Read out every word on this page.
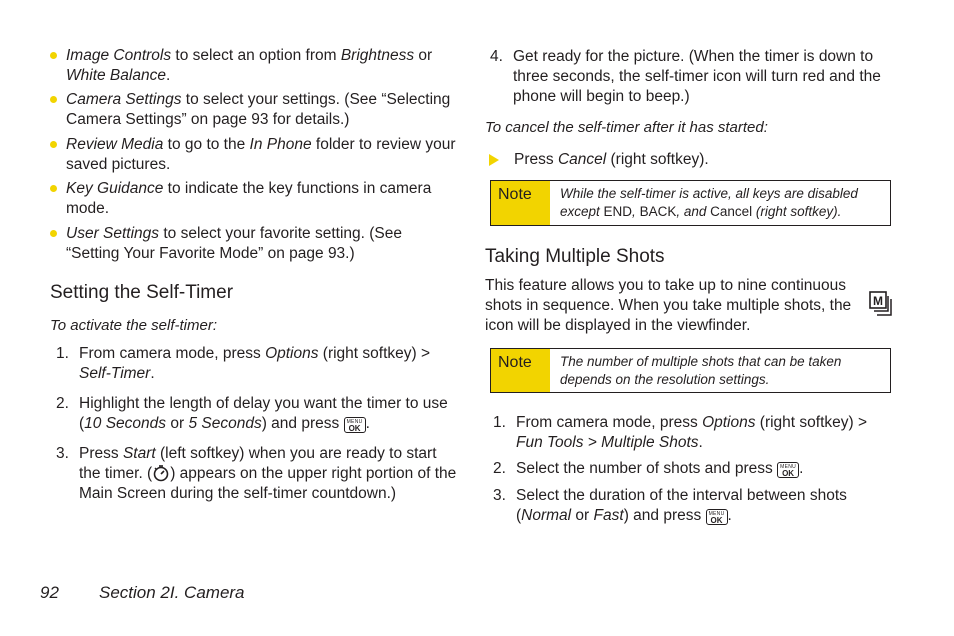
Image Controls to select an option from Brightness or White Balance.
Camera Settings to select your settings. (See “Selecting Camera Settings” on page 93 for details.)
Review Media to go to the In Phone folder to review your saved pictures.
Key Guidance to indicate the key functions in camera mode.
User Settings to select your favorite setting. (See “Setting Your Favorite Mode” on page 93.)
Setting the Self-Timer
To activate the self-timer:
1. From camera mode, press Options (right softkey) > Self-Timer.
2. Highlight the length of delay you want the timer to use (10 Seconds or 5 Seconds) and press MENU
OK .
3. Press Start (left softkey) when you are ready to start the timer. ( ) appears on the upper right portion of the Main Screen during the self-timer countdown.)
4. Get ready for the picture. (When the timer is down to three seconds, the self-timer icon will turn red and the phone will begin to beep.)
To cancel the self-timer after it has started:
Press Cancel (right softkey).
Note	While the self-timer is active, all keys are disabled except END, BACK, and Cancel (right softkey).
Taking Multiple Shots
This feature allows you to take up to nine continuous
shots in sequence. When you take multiple shots, the
icon will be displayed in the viewfinder.
M
Note	The number of multiple shots that can be taken depends on the resolution settings.
1. From camera mode, press Options (right softkey) > Fun Tools > Multiple Shots.
2. Select the number of shots and press MENU
OK .
3. Select the duration of the interval between shots (Normal or Fast) and press MENU
OK .
92 Section 2I. Camera
